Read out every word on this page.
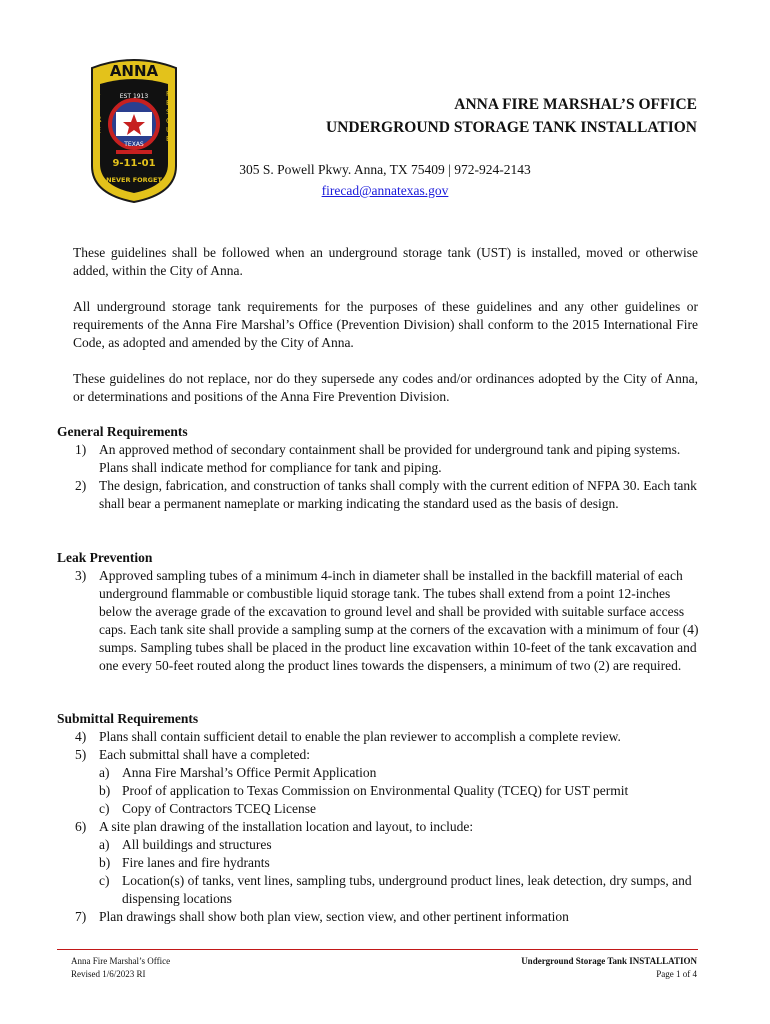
ANNA
EST 1913
TEXAS
9-11-01
NEVER FORGET
F I R E
R E S C U E
ANNA FIRE MARSHAL’S OFFICE
UNDERGROUND STORAGE TANK INSTALLATION
305 S. Powell Pkwy. Anna, TX 75409 | 972-924-2143
firecad@annatexas.gov

These guidelines shall be followed when an underground storage tank (UST) is installed, moved or otherwise added, within the City of Anna.

All underground storage tank requirements for the purposes of these guidelines and any other guidelines or requirements of the Anna Fire Marshal’s Office (Prevention Division) shall conform to the 2015 International Fire Code, as adopted and amended by the City of Anna.

These guidelines do not replace, nor do they supersede any codes and/or ordinances adopted by the City of Anna, or determinations and positions of the Anna Fire Prevention Division.

General Requirements
1) An approved method of secondary containment shall be provided for underground tank and piping systems. Plans shall indicate method for compliance for tank and piping.

2) The design, fabrication, and construction of tanks shall comply with the current edition of NFPA 30. Each tank shall bear a permanent nameplate or marking indicating the standard used as the basis of design.

Leak Prevention
3) Approved sampling tubes of a minimum 4-inch in diameter shall be installed in the backfill material of each underground flammable or combustible liquid storage tank. The tubes shall extend from a point 12-inches below the average grade of the excavation to ground level and shall be provided with suitable surface access caps. Each tank site shall provide a sampling sump at the corners of the excavation with a minimum of four (4) sumps. Sampling tubes shall be placed in the product line excavation within 10-feet of the tank excavation and one every 50-feet routed along the product lines towards the dispensers, a minimum of two (2) are required.

Submittal Requirements
4) Plans shall contain sufficient detail to enable the plan reviewer to accomplish a complete review.

5) Each submittal shall have a completed:

a) Anna Fire Marshal’s Office Permit Application

b) Proof of application to Texas Commission on Environmental Quality (TCEQ) for UST permit

c) Copy of Contractors TCEQ License

6) A site plan drawing of the installation location and layout, to include:

a) All buildings and structures

b) Fire lanes and fire hydrants

c) Location(s) of tanks, vent lines, sampling tubs, underground product lines, leak detection, dry sumps, and dispensing locations

7) Plan drawings shall show both plan view, section view, and other pertinent information

Anna Fire Marshal’s Office
Revised 1/6/2023 RI
Underground Storage Tank INSTALLATION
Page 1 of 4
